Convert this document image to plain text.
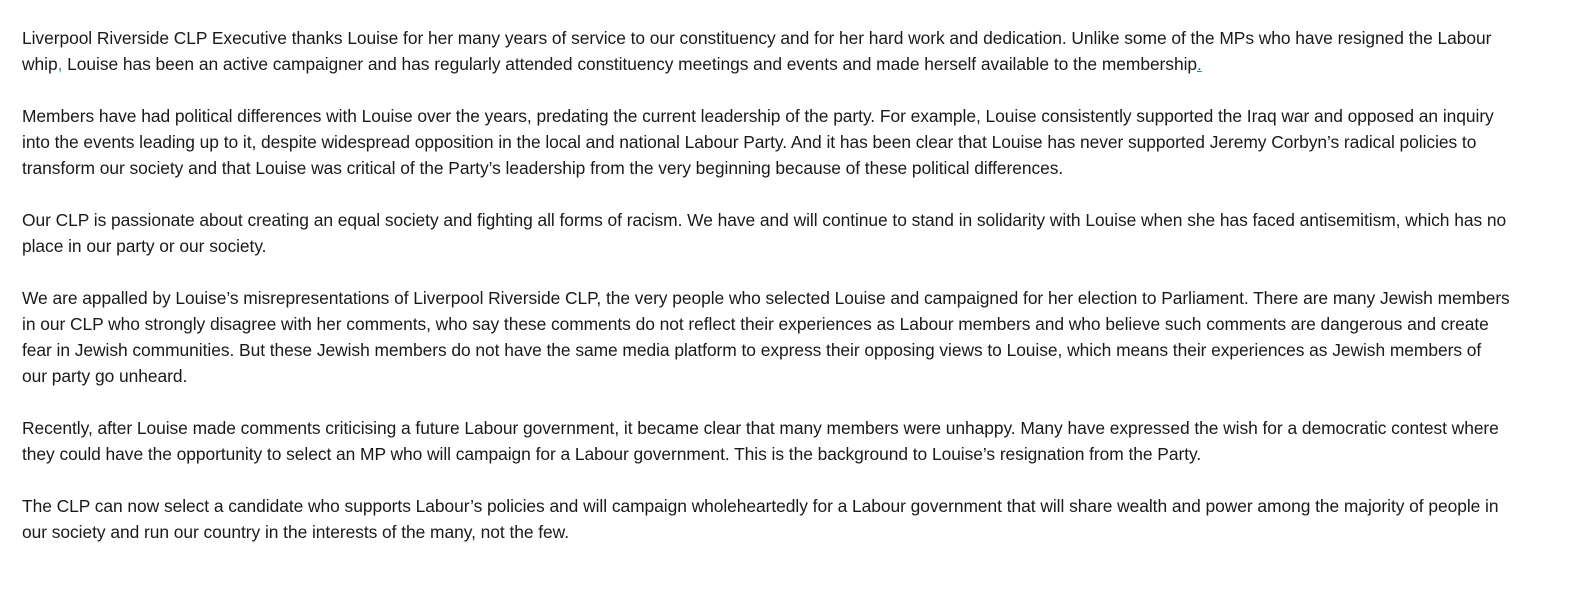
Liverpool Riverside CLP Executive thanks Louise for her many years of service to our constituency and for her hard work and dedication. Unlike some of the MPs who have resigned the Labour
whip, Louise has been an active campaigner and has regularly attended constituency meetings and events and made herself available to the membership.

Members have had political differences with Louise over the years, predating the current leadership of the party. For example, Louise consistently supported the Iraq war and opposed an inquiry
into the events leading up to it, despite widespread opposition in the local and national Labour Party. And it has been clear that Louise has never supported Jeremy Corbyn’s radical policies to
transform our society and that Louise was critical of the Party’s leadership from the very beginning because of these political differences.

Our CLP is passionate about creating an equal society and fighting all forms of racism. We have and will continue to stand in solidarity with Louise when she has faced antisemitism, which has no
place in our party or our society.

We are appalled by Louise’s misrepresentations of Liverpool Riverside CLP, the very people who selected Louise and campaigned for her election to Parliament. There are many Jewish members
in our CLP who strongly disagree with her comments, who say these comments do not reflect their experiences as Labour members and who believe such comments are dangerous and create
fear in Jewish communities. But these Jewish members do not have the same media platform to express their opposing views to Louise, which means their experiences as Jewish members of
our party go unheard.

Recently, after Louise made comments criticising a future Labour government, it became clear that many members were unhappy. Many have expressed the wish for a democratic contest where
they could have the opportunity to select an MP who will campaign for a Labour government. This is the background to Louise’s resignation from the Party.

The CLP can now select a candidate who supports Labour’s policies and will campaign wholeheartedly for a Labour government that will share wealth and power among the majority of people in
our society and run our country in the interests of the many, not the few.
